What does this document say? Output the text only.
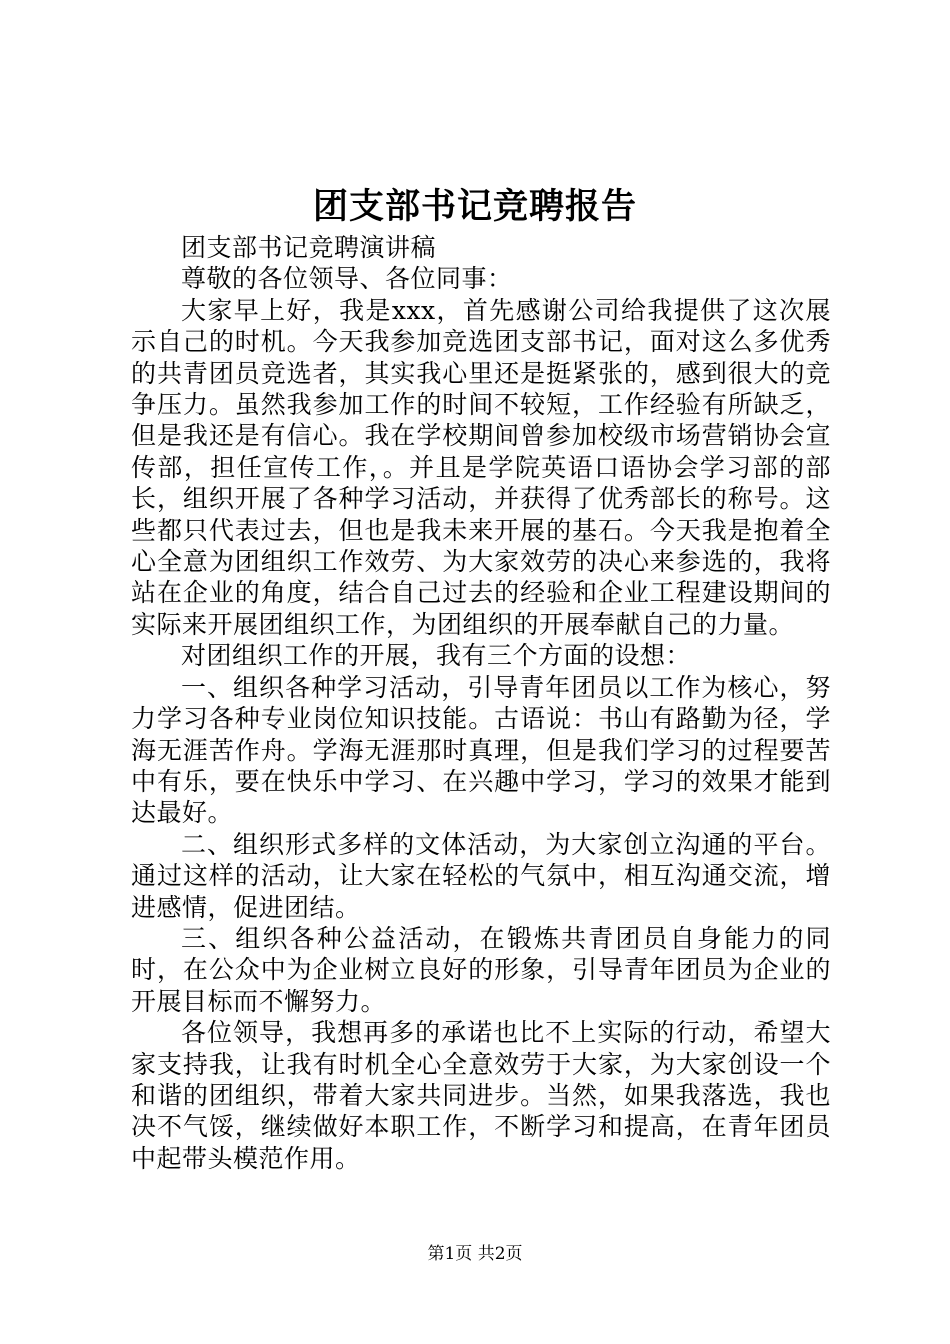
团支部书记竞聘报告

团支部书记竞聘演讲稿

尊敬的各位领导、各位同事：

大家早上好，我是xxx，首先感谢公司给我提供了这次展示自己的时机。今天我参加竞选团支部书记，面对这么多优秀的共青团员竞选者，其实我心里还是挺紧张的，感到很大的竞争压力。虽然我参加工作的时间不较短，工作经验有所缺乏，但是我还是有信心。我在学校期间曾参加校级市场营销协会宣传部，担任宣传工作，。并且是学院英语口语协会学习部的部长，组织开展了各种学习活动，并获得了优秀部长的称号。这些都只代表过去，但也是我未来开展的基石。今天我是抱着全心全意为团组织工作效劳、为大家效劳的决心来参选的，我将站在企业的角度，结合自己过去的经验和企业工程建设期间的实际来开展团组织工作，为团组织的开展奉献自己的力量。

对团组织工作的开展，我有三个方面的设想：

一、组织各种学习活动，引导青年团员以工作为核心，努力学习各种专业岗位知识技能。古语说：书山有路勤为径，学海无涯苦作舟。学海无涯那时真理，但是我们学习的过程要苦中有乐，要在快乐中学习、在兴趣中学习，学习的效果才能到达最好。

二、组织形式多样的文体活动，为大家创立沟通的平台。通过这样的活动，让大家在轻松的气氛中，相互沟通交流，增进感情，促进团结。

三、组织各种公益活动，在锻炼共青团员自身能力的同时，在公众中为企业树立良好的形象，引导青年团员为企业的开展目标而不懈努力。

各位领导，我想再多的承诺也比不上实际的行动，希望大家支持我，让我有时机全心全意效劳于大家，为大家创设一个和谐的团组织，带着大家共同进步。当然，如果我落选，我也决不气馁，继续做好本职工作，不断学习和提高，在青年团员中起带头模范作用。

第1页 共2页
